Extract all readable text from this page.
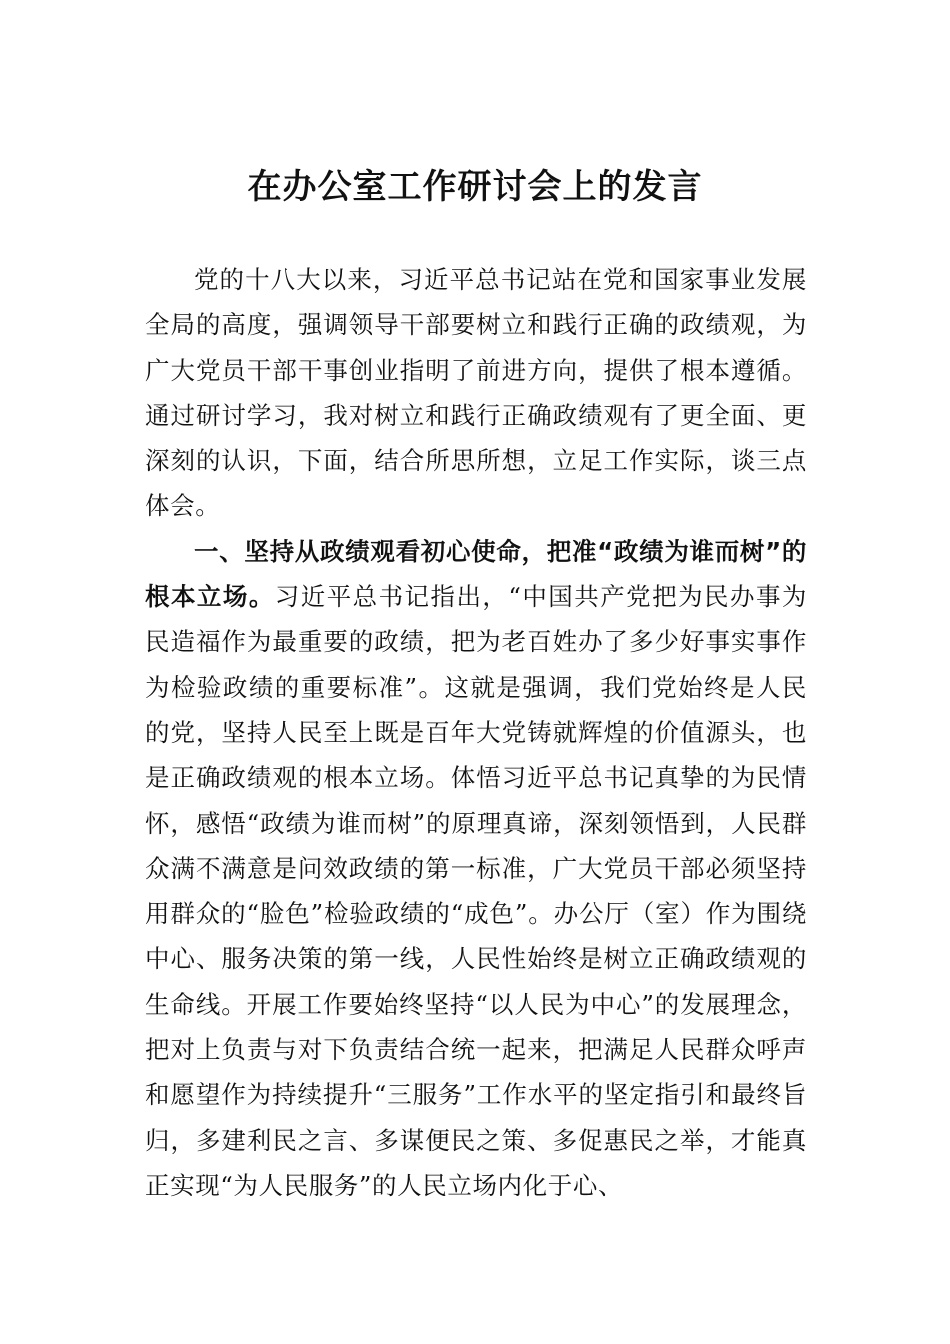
在办公室工作研讨会上的发言

党的十八大以来，习近平总书记站在党和国家事业发展全局的高度，强调领导干部要树立和践行正确的政绩观，为广大党员干部干事创业指明了前进方向，提供了根本遵循。通过研讨学习，我对树立和践行正确政绩观有了更全面、更深刻的认识，下面，结合所思所想，立足工作实际，谈三点体会。

一、坚持从政绩观看初心使命，把准“政绩为谁而树”的根本立场。习近平总书记指出，“中国共产党把为民办事为民造福作为最重要的政绩，把为老百姓办了多少好事实事作为检验政绩的重要标准”。这就是强调，我们党始终是人民的党，坚持人民至上既是百年大党铸就辉煌的价值源头，也是正确政绩观的根本立场。体悟习近平总书记真挚的为民情怀，感悟“政绩为谁而树”的原理真谛，深刻领悟到，人民群众满不满意是问效政绩的第一标准，广大党员干部必须坚持用群众的“脸色”检验政绩的“成色”。办公厅（室）作为围绕中心、服务决策的第一线，人民性始终是树立正确政绩观的生命线。开展工作要始终坚持“以人民为中心”的发展理念，把对上负责与对下负责结合统一起来，把满足人民群众呼声和愿望作为持续提升“三服务”工作水平的坚定指引和最终旨归，多建利民之言、多谋便民之策、多促惠民之举，才能真正实现“为人民服务”的人民立场内化于心、
